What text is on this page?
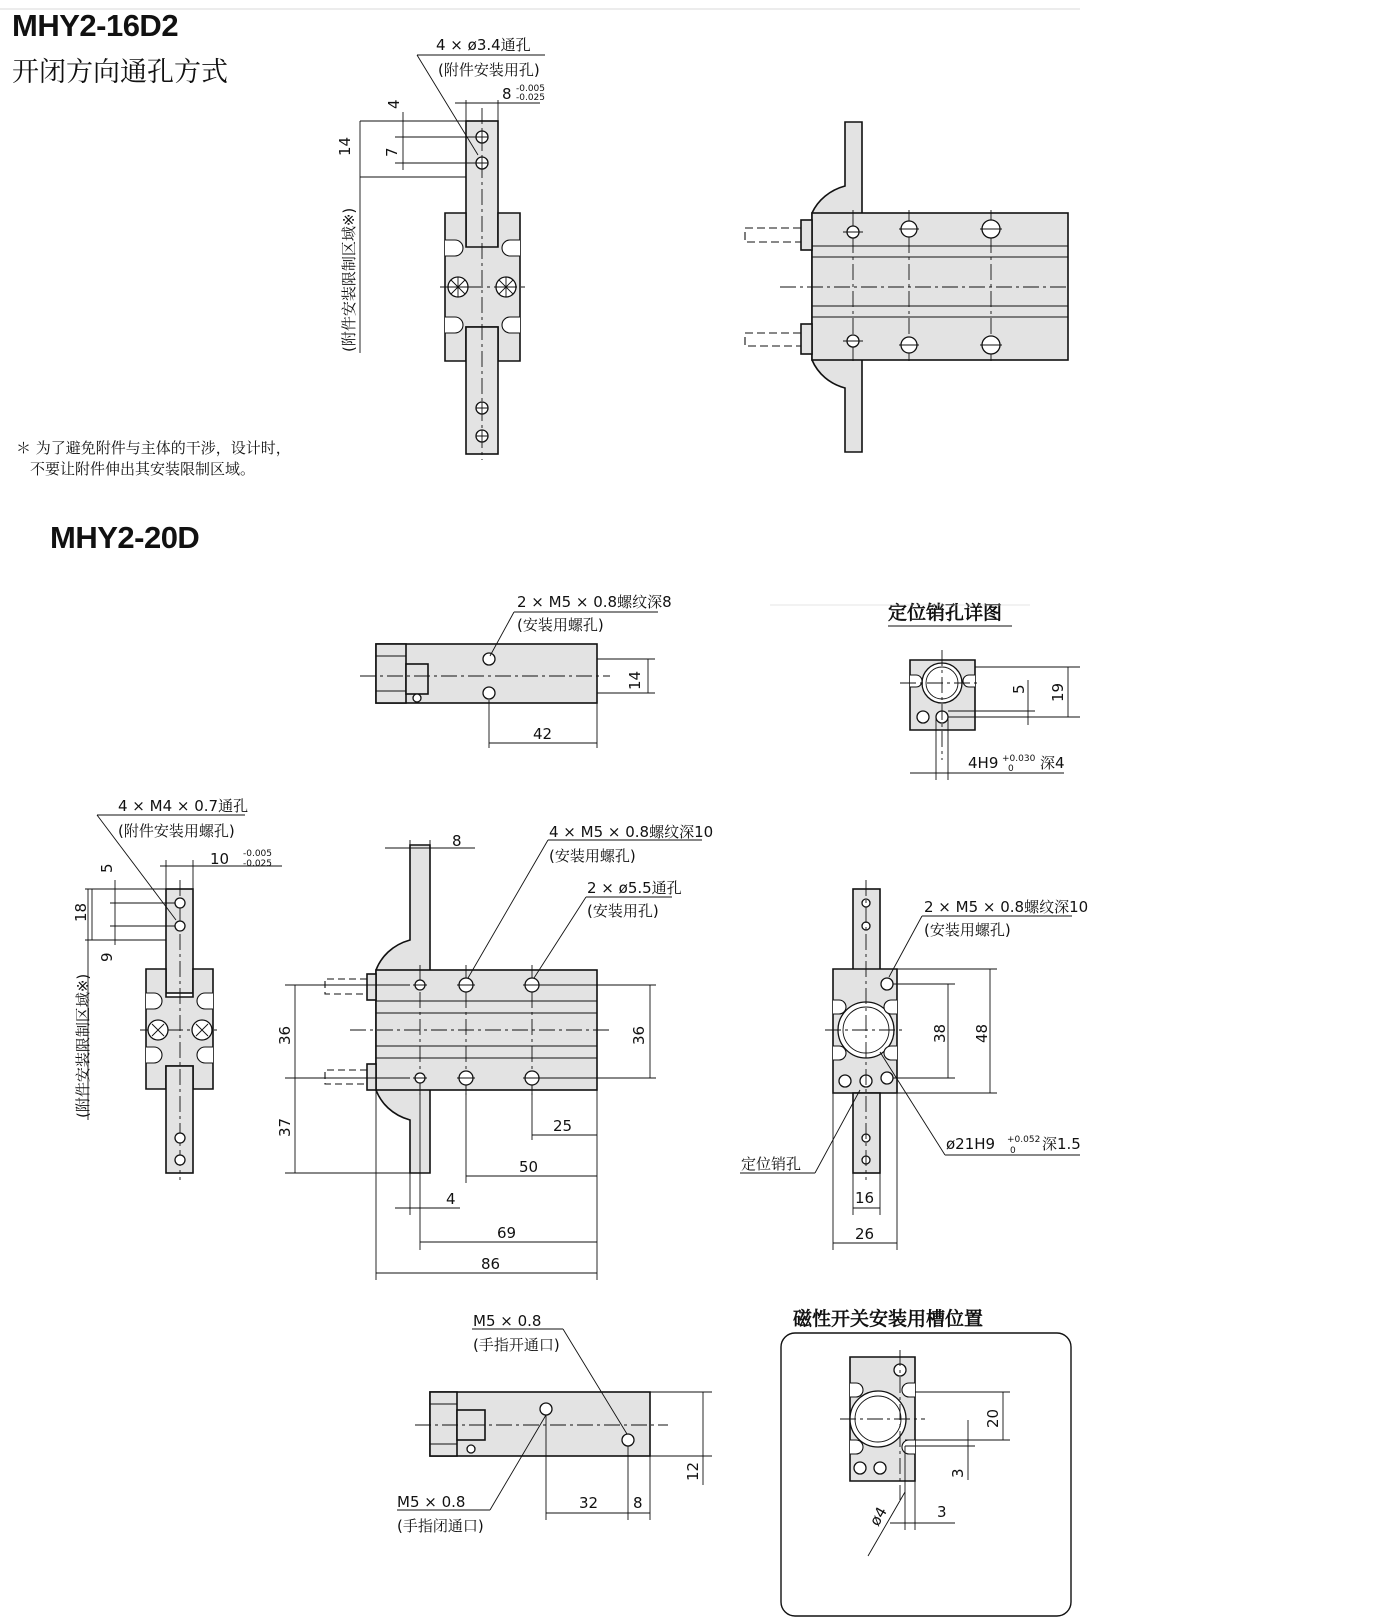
MHY2-16D2
开闭方向通孔方式
MHY2-20D
＊ 为了避免附件与主体的干涉，设计时，
不要让附件伸出其安装限制区域。
定位销孔详图
磁性开关安装用槽位置
4 × ø3.4通孔
(附件安装用孔)
8 -0.005
-0.025
4
7
14
(附件安装限制区域※)
2 × M5 × 0.8螺纹深8
(安装用螺孔)
14
42
5 19
4H9 +0.030
0 深4
4 × M4 × 0.7通孔
(附件安装用螺孔)
10 -0.005
-0.025
5
18
9
(附件安装限制区域※)
8	4 × M5 × 0.8螺纹深10
(安装用螺孔)
2 × ø5.5通孔
(安装用孔)
36	36
37	25
50
4
69
86
2 × M5 × 0.8螺纹深10
(安装用螺孔)
38 48
ø21H9 +0.052
0 深1.5
定位销孔
16
26
M5 × 0.8
(手指开通口)
M5 × 0.8
(手指闭通口)
12
32 8
20
3
ø4	3
